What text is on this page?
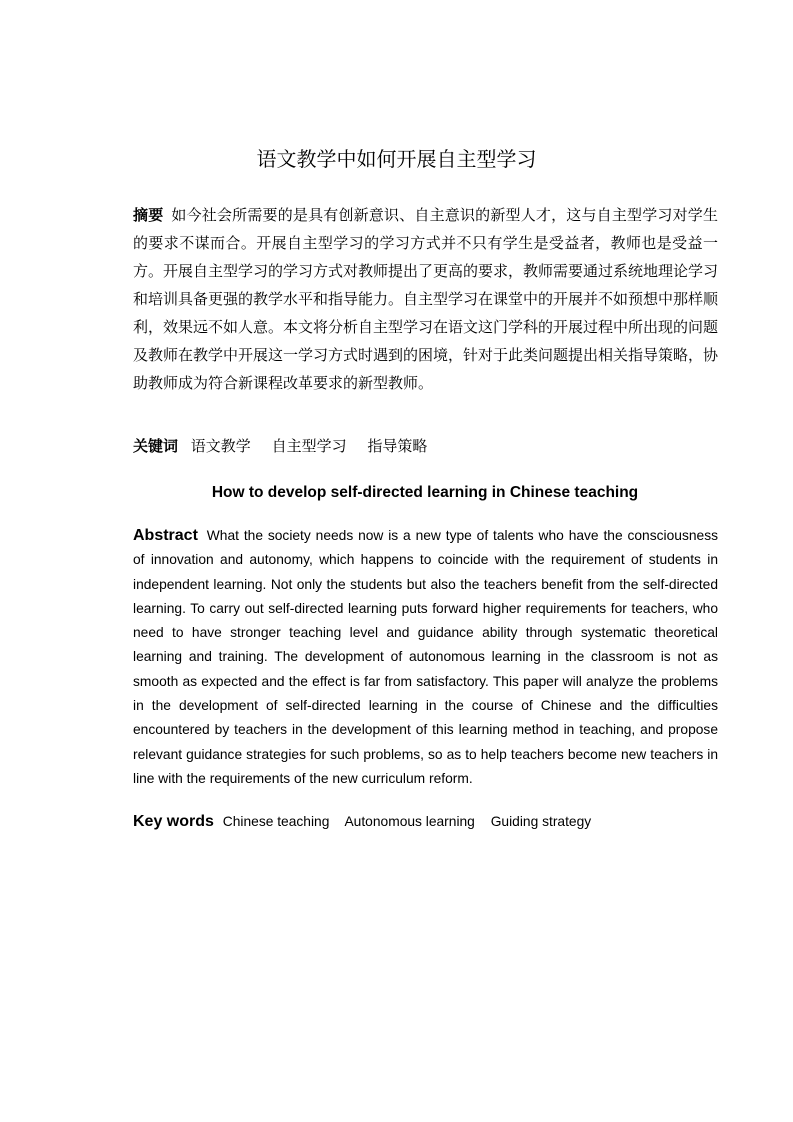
语文教学中如何开展自主型学习
摘要 如今社会所需要的是具有创新意识、自主意识的新型人才，这与自主型学习对学生的要求不谋而合。开展自主型学习的学习方式并不只有学生是受益者，教师也是受益一方。开展自主型学习的学习方式对教师提出了更高的要求，教师需要通过系统地理论学习和培训具备更强的教学水平和指导能力。自主型学习在课堂中的开展并不如预想中那样顺利，效果远不如人意。本文将分析自主型学习在语文这门学科的开展过程中所出现的问题及教师在教学中开展这一学习方式时遇到的困境，针对于此类问题提出相关指导策略，协助教师成为符合新课程改革要求的新型教师。
关键词 语文教学 自主型学习 指导策略
How to develop self-directed learning in Chinese teaching
Abstract What the society needs now is a new type of talents who have the consciousness of innovation and autonomy, which happens to coincide with the requirement of students in independent learning. Not only the students but also the teachers benefit from the self-directed learning. To carry out self-directed learning puts forward higher requirements for teachers, who need to have stronger teaching level and guidance ability through systematic theoretical learning and training. The development of autonomous learning in the classroom is not as smooth as expected and the effect is far from satisfactory. This paper will analyze the problems in the development of self-directed learning in the course of Chinese and the difficulties encountered by teachers in the development of this learning method in teaching, and propose relevant guidance strategies for such problems, so as to help teachers become new teachers in line with the requirements of the new curriculum reform.
Key words Chinese teaching Autonomous learning Guiding strategy
